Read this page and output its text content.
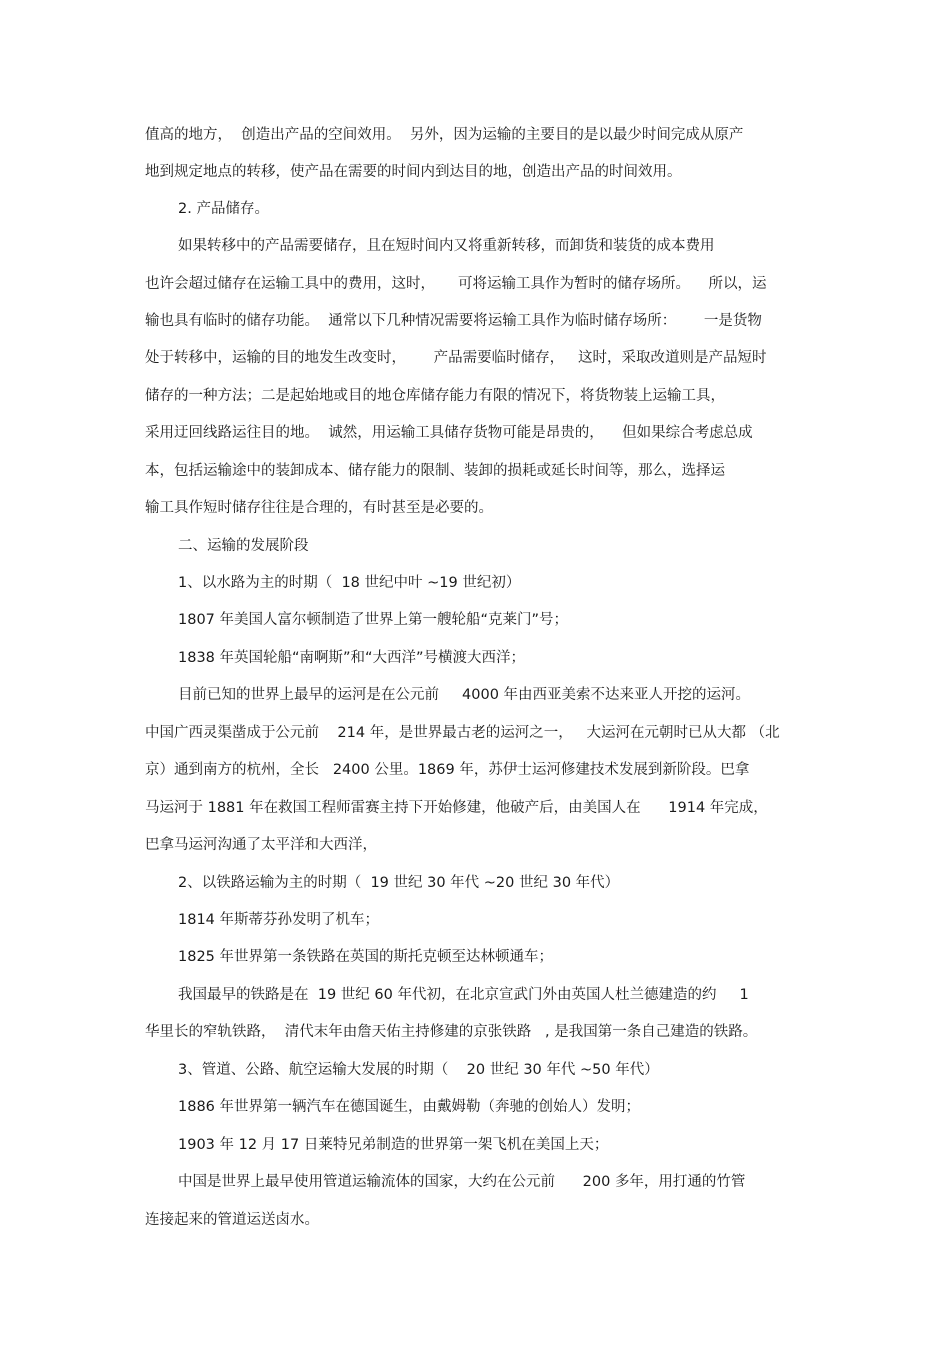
值高的地方，  创造出产品的空间效用。  另外，因为运输的主要目的是以最少时间完成从原产
地到规定地点的转移，使产品在需要的时间内到达目的地，创造出产品的时间效用。
2. 产品储存。
如果转移中的产品需要储存，且在短时间内又将重新转移，而卸货和装货的成本费用
也许会超过储存在运输工具中的费用，这时，     可将运输工具作为暂时的储存场所。    所以，运
输也具有临时的储存功能。  通常以下几种情况需要将运输工具作为临时储存场所：      一是货物
处于转移中，运输的目的地发生改变时，      产品需要临时储存，   这时，采取改道则是产品短时
储存的一种方法；二是起始地或目的地仓库储存能力有限的情况下，将货物装上运输工具，
采用迂回线路运往目的地。  诚然，用运输工具储存货物可能是昂贵的，    但如果综合考虑总成
本，包括运输途中的装卸成本、储存能力的限制、装卸的损耗或延长时间等，那么，选择运
输工具作短时储存往往是合理的，有时甚至是必要的。
二、运输的发展阶段
1、以水路为主的时期（  18 世纪中叶 ~19 世纪初）
1807 年美国人富尔顿制造了世界上第一艘轮船“克莱门”号；
1838 年英国轮船“南啊斯”和“大西洋”号横渡大西洋；
目前已知的世界上最早的运河是在公元前     4000 年由西亚美索不达来亚人开挖的运河。
中国广西灵渠凿成于公元前    214 年，是世界最古老的运河之一，   大运河在元朝时已从大都 （北
京）通到南方的杭州，全长   2400 公里。1869 年，苏伊士运河修建技术发展到新阶段。巴拿
马运河于 1881 年在救国工程师雷赛主持下开始修建，他破产后，由美国人在      1914 年完成，
巴拿马运河沟通了太平洋和大西洋，
2、以铁路运输为主的时期（  19 世纪 30 年代 ~20 世纪 30 年代）
1814 年斯蒂芬孙发明了机车；
1825 年世界第一条铁路在英国的斯托克顿至达林顿通车；
我国最早的铁路是在  19 世纪 60 年代初，在北京宣武门外由英国人杜兰德建造的约     1
华里长的窄轨铁路，  清代末年由詹天佑主持修建的京张铁路   , 是我国第一条自己建造的铁路。
3、管道、公路、航空运输大发展的时期（    20 世纪 30 年代 ~50 年代）
1886 年世界第一辆汽车在德国诞生，由戴姆勒（奔驰的创始人）发明；
1903 年 12 月 17 日莱特兄弟制造的世界第一架飞机在美国上天；
中国是世界上最早使用管道运输流体的国家，大约在公元前      200 多年，用打通的竹管
连接起来的管道运送卤水。
